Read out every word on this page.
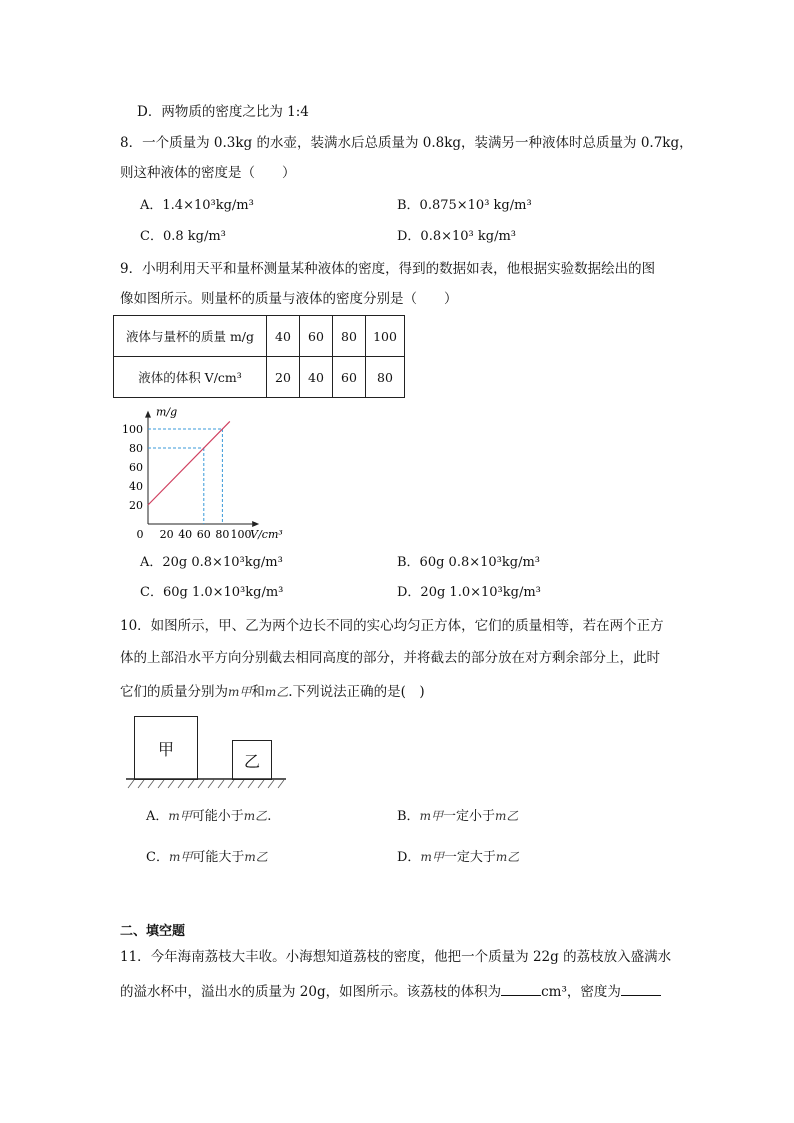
D．两物质的密度之比为 1:4
8．一个质量为 0.3kg 的水壶，装满水后总质量为 0.8kg，装满另一种液体时总质量为 0.7kg，
则这种液体的密度是（　　）
A．1.4×10³kg/m³	B．0.875×10³ kg/m³
C．0.8 kg/m³	D．0.8×10³ kg/m³
9．小明利用天平和量杯测量某种液体的密度，得到的数据如表，他根据实验数据绘出的图
像如图所示。则量杯的质量与液体的密度分别是（　　）
液体与量杯的质量 m/g	40	60	80	100
液体的体积 V/cm³	20	40	60	80
m/g
V/cm³
0 20 40 60 80 100
20
40
60
80
100
A．20g 0.8×10³kg/m³	B．60g 0.8×10³kg/m³
C．60g 1.0×10³kg/m³	D．20g 1.0×10³kg/m³
10．如图所示，甲、乙为两个边长不同的实心均匀正方体，它们的质量相等，若在两个正方
体的上部沿水平方向分别截去相同高度的部分，并将截去的部分放在对方剩余部分上，此时
它们的质量分别为m甲和m乙.下列说法正确的是(　)
甲
乙
A．m甲可能小于m乙.	B．m甲一定小于m乙
C．m甲可能大于m乙	D．m甲一定大于m乙
二、填空题
11．今年海南荔枝大丰收。小海想知道荔枝的密度，他把一个质量为 22g 的荔枝放入盛满水
的溢水杯中，溢出水的质量为 20g，如图所示。该荔枝的体积为	cm³，密度为
